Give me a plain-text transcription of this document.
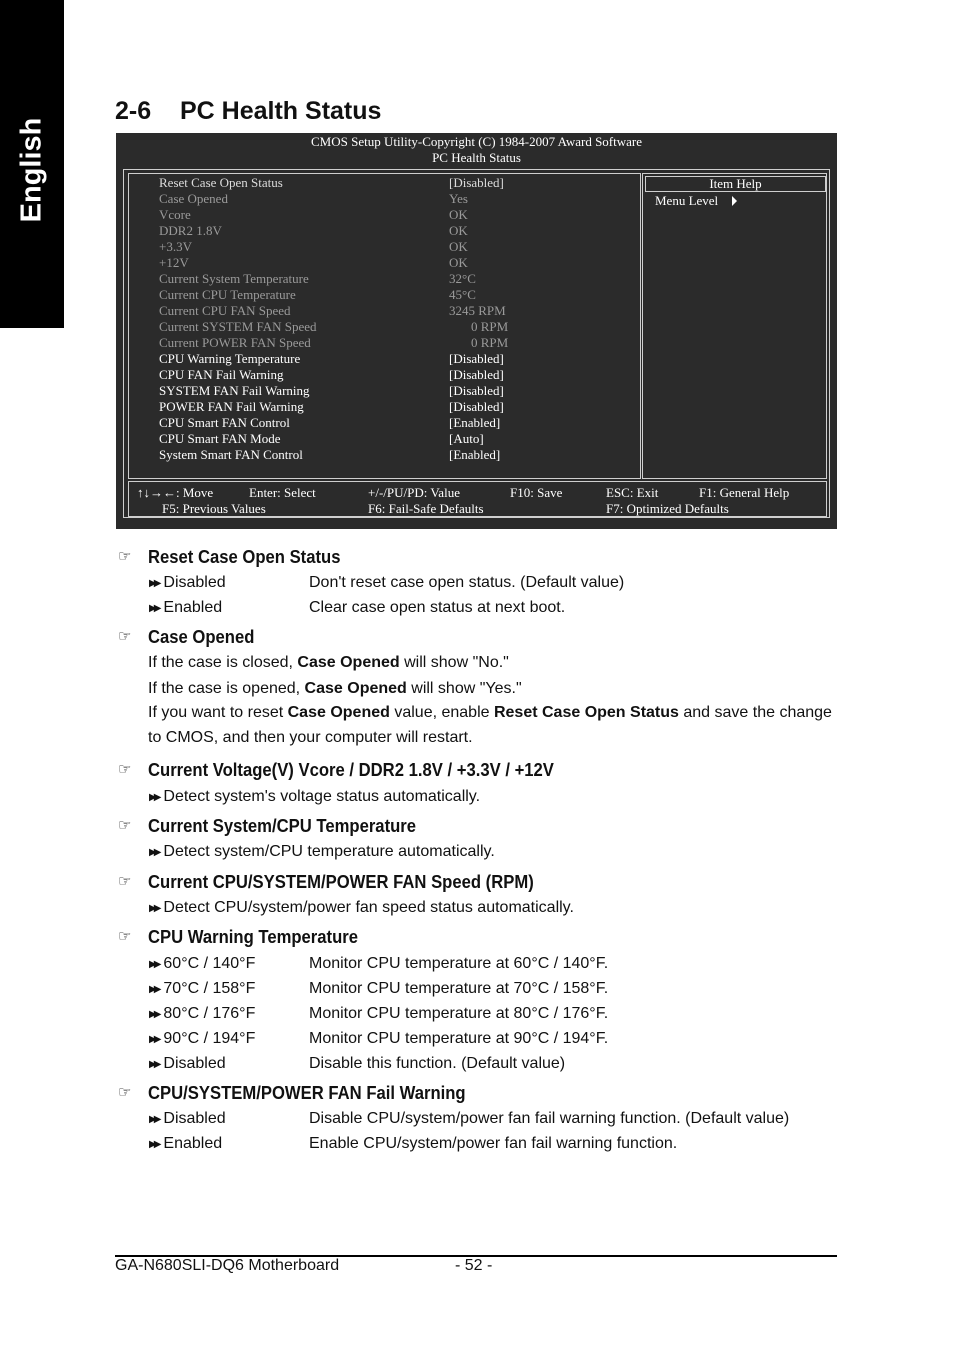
English
2-6 PC Health Status
CMOS Setup Utility-Copyright (C) 1984-2007 Award Software
PC Health Status
Reset Case Open Status	[Disabled]
Case Opened	Yes
Vcore	OK
DDR2 1.8V	OK
+3.3V	OK
+12V	OK
Current System Temperature	32°C
Current CPU Temperature	45°C
Current CPU FAN Speed	3245 RPM
Current SYSTEM FAN Speed	0 RPM
Current POWER FAN Speed	0 RPM
CPU Warning Temperature	[Disabled]
CPU FAN Fail Warning	[Disabled]
SYSTEM FAN Fail Warning	[Disabled]
POWER FAN Fail Warning	[Disabled]
CPU Smart FAN Control	[Enabled]
CPU Smart FAN Mode	[Auto]
System Smart FAN Control	[Enabled]
Item Help
Menu Level
↑↓→←: Move	Enter: Select	+/-/PU/PD: Value	F10: Save	ESC: Exit	F1: General Help
F5: Previous Values	F6: Fail-Safe Defaults	F7: Optimized Defaults
☞ Reset Case Open Status
▶▶ Disabled	Don't reset case open status. (Default value)
▶▶ Enabled	Clear case open status at next boot.
☞ Case Opened
If the case is closed, Case Opened will show "No."
If the case is opened, Case Opened will show "Yes."
If you want to reset Case Opened value, enable Reset Case Open Status and save the change
to CMOS, and then your computer will restart.
☞ Current Voltage(V) Vcore / DDR2 1.8V / +3.3V / +12V
▶▶ Detect system's voltage status automatically.
☞ Current System/CPU Temperature
▶▶ Detect system/CPU temperature automatically.
☞ Current CPU/SYSTEM/POWER FAN Speed (RPM)
▶▶ Detect CPU/system/power fan speed status automatically.
☞ CPU Warning Temperature
▶▶ 60°C / 140°F	Monitor CPU temperature at 60°C / 140°F.
▶▶ 70°C / 158°F	Monitor CPU temperature at 70°C / 158°F.
▶▶ 80°C / 176°F	Monitor CPU temperature at 80°C / 176°F.
▶▶ 90°C / 194°F	Monitor CPU temperature at 90°C / 194°F.
▶▶ Disabled	Disable this function. (Default value)
☞ CPU/SYSTEM/POWER FAN Fail Warning
▶▶ Disabled	Disable CPU/system/power fan fail warning function. (Default value)
▶▶ Enabled	Enable CPU/system/power fan fail warning function.
GA-N680SLI-DQ6 Motherboard	- 52 -
